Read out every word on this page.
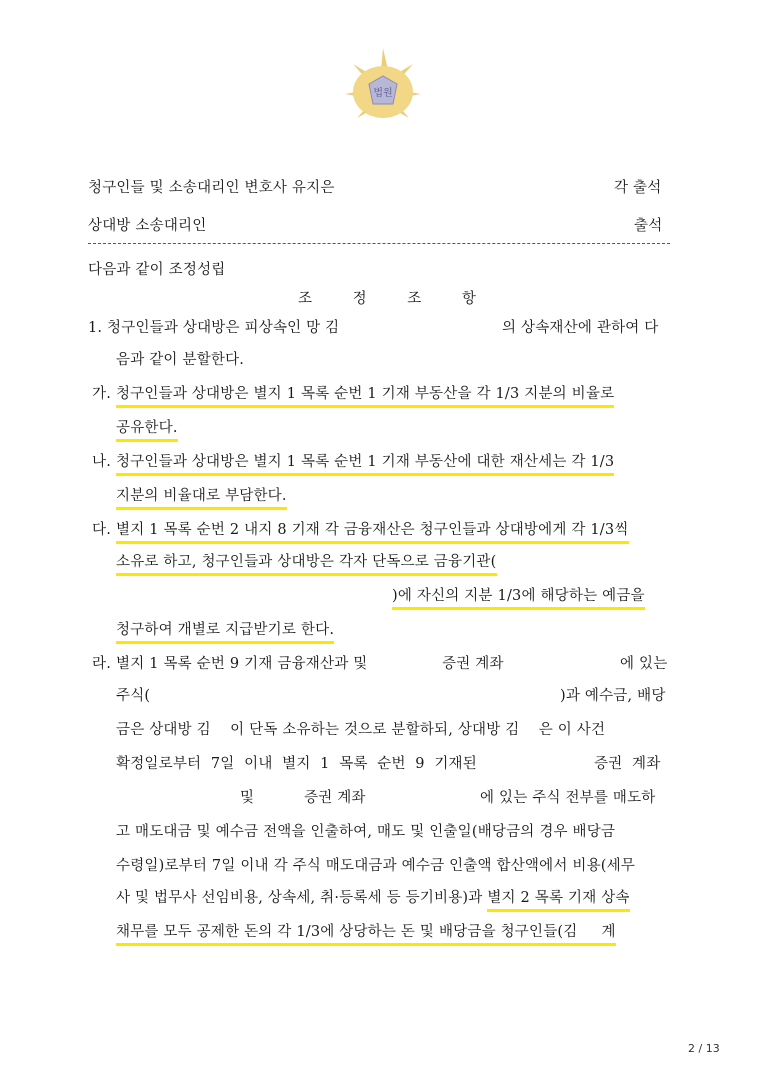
법원
청구인들 및 소송대리인 변호사 유지은	각 출석
상대방 소송대리인	출석
다음과 같이 조정성립
조 정 조 항
1. 청구인들과 상대방은 피상속인 망 김	의 상속재산에 관하여 다
음과 같이 분할한다.
가. 청구인들과 상대방은 별지 1 목록 순번 1 기재 부동산을 각 1/3 지분의 비율로
공유한다.
나. 청구인들과 상대방은 별지 1 목록 순번 1 기재 부동산에 대한 재산세는 각 1/3
지분의 비율대로 부담한다.
다. 별지 1 목록 순번 2 내지 8 기재 각 금융재산은 청구인들과 상대방에게 각 1/3씩
소유로 하고, 청구인들과 상대방은 각자 단독으로 금융기관(
)에 자신의 지분 1/3에 해당하는 예금을
청구하여 개별로 지급받기로 한다.
라. 별지 1 목록 순번 9 기재 금융재산과 및	증권 계좌	에 있는
주식(	)과 예수금, 배당
금은 상대방 김    이 단독 소유하는 것으로 분할하되, 상대방 김    은 이 사건
확정일로부터  7일  이내  별지  1  목록  순번  9  기재된	증권  계좌
및	증권 계좌	에 있는 주식 전부를 매도하
고 매도대금 및 예수금 전액을 인출하여, 매도 및 인출일(배당금의 경우 배당금
수령일)로부터 7일 이내 각 주식 매도대금과 예수금 인출액 합산액에서 비용(세무
사 및 법무사 선임비용, 상속세, 취·등록세 등 등기비용)과 별지 2 목록 기재 상속
채무를 모두 공제한 돈의 각 1/3에 상당하는 돈 및 배당금을 청구인들(김     계
2 / 13
